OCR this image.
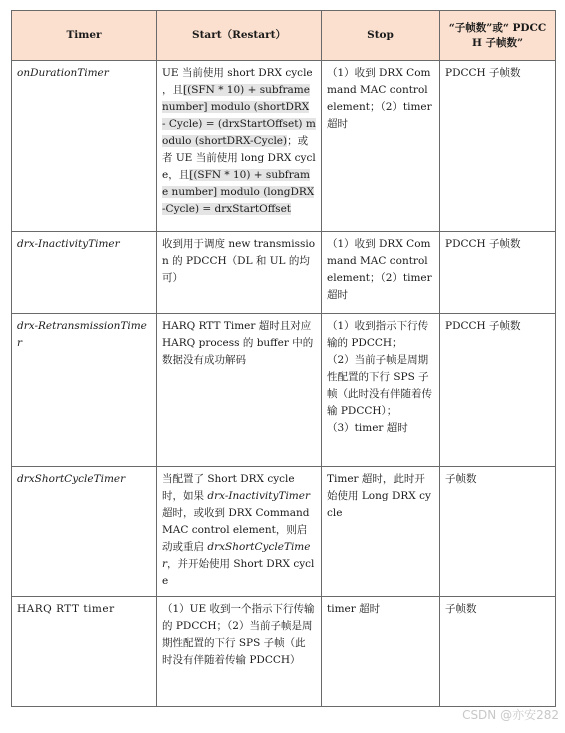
Timer	Start（Restart）	Stop	“子帧数”或“ PDCCH 子帧数”
onDurationTimer	UE 当前使用 short DRX cycle ，且[(SFN * 10) + subframe number] modulo (shortDRX - Cycle) = (drxStartOffset) modulo (shortDRX-Cycle)；或者 UE 当前使用 long DRX cycle，且[(SFN * 10) + subframe number] modulo (longDRX-Cycle) = drxStartOffset	（1）收到 DRX Command MAC control element；（2）timer 超时	PDCCH 子帧数
drx-InactivityTimer	收到用于调度 new transmission 的 PDCCH（DL 和 UL 的均可）	（1）收到 DRX Command MAC control element；（2）timer 超时	PDCCH 子帧数
drx-RetransmissionTimer	HARQ RTT Timer 超时且对应 HARQ process 的 buffer 中的数据没有成功解码	（1）收到指示下行传输的 PDCCH；
（2）当前子帧是周期性配置的下行 SPS 子帧（此时没有伴随着传输 PDCCH）；
（3）timer 超时	PDCCH 子帧数
drxShortCycleTimer	当配置了 Short DRX cycle 时，如果 drx-InactivityTimer 超时，或收到 DRX Command MAC control element，则启动或重启 drxShortCycleTimer，并开始使用 Short DRX cycle	Timer 超时，此时开始使用 Long DRX cycle	子帧数
HARQ RTT timer	（1）UE 收到一个指示下行传输的 PDCCH；（2）当前子帧是周期性配置的下行 SPS 子帧（此时没有伴随着传输 PDCCH）	timer 超时	子帧数
CSDN @亦安282
